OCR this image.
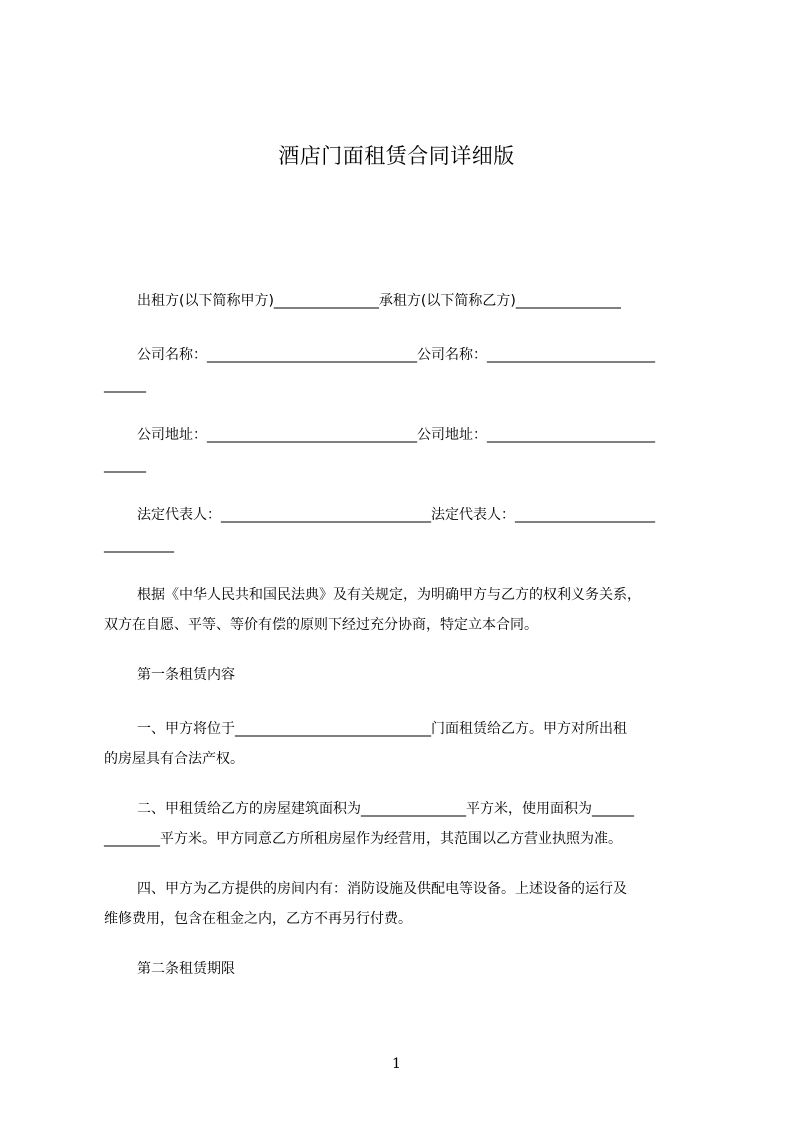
酒店门面租赁合同详细版

出租方(以下简称甲方)_______________承租方(以下简称乙方)_______________

公司名称：______________________________公司名称：________________________
______

公司地址：______________________________公司地址：________________________
______

法定代表人：______________________________法定代表人：____________________
__________

根据《中华人民共和国民法典》及有关规定，为明确甲方与乙方的权利义务关系，
双方在自愿、平等、等价有偿的原则下经过充分协商，特定立本合同。

第一条租赁内容

一、甲方将位于____________________________门面租赁给乙方。甲方对所出租
的房屋具有合法产权。

二、甲租赁给乙方的房屋建筑面积为_______________平方米，使用面积为______
________平方米。甲方同意乙方所租房屋作为经营用，其范围以乙方营业执照为准。

四、甲方为乙方提供的房间内有：消防设施及供配电等设备。上述设备的运行及
维修费用，包含在租金之内，乙方不再另行付费。

第二条租赁期限

1
